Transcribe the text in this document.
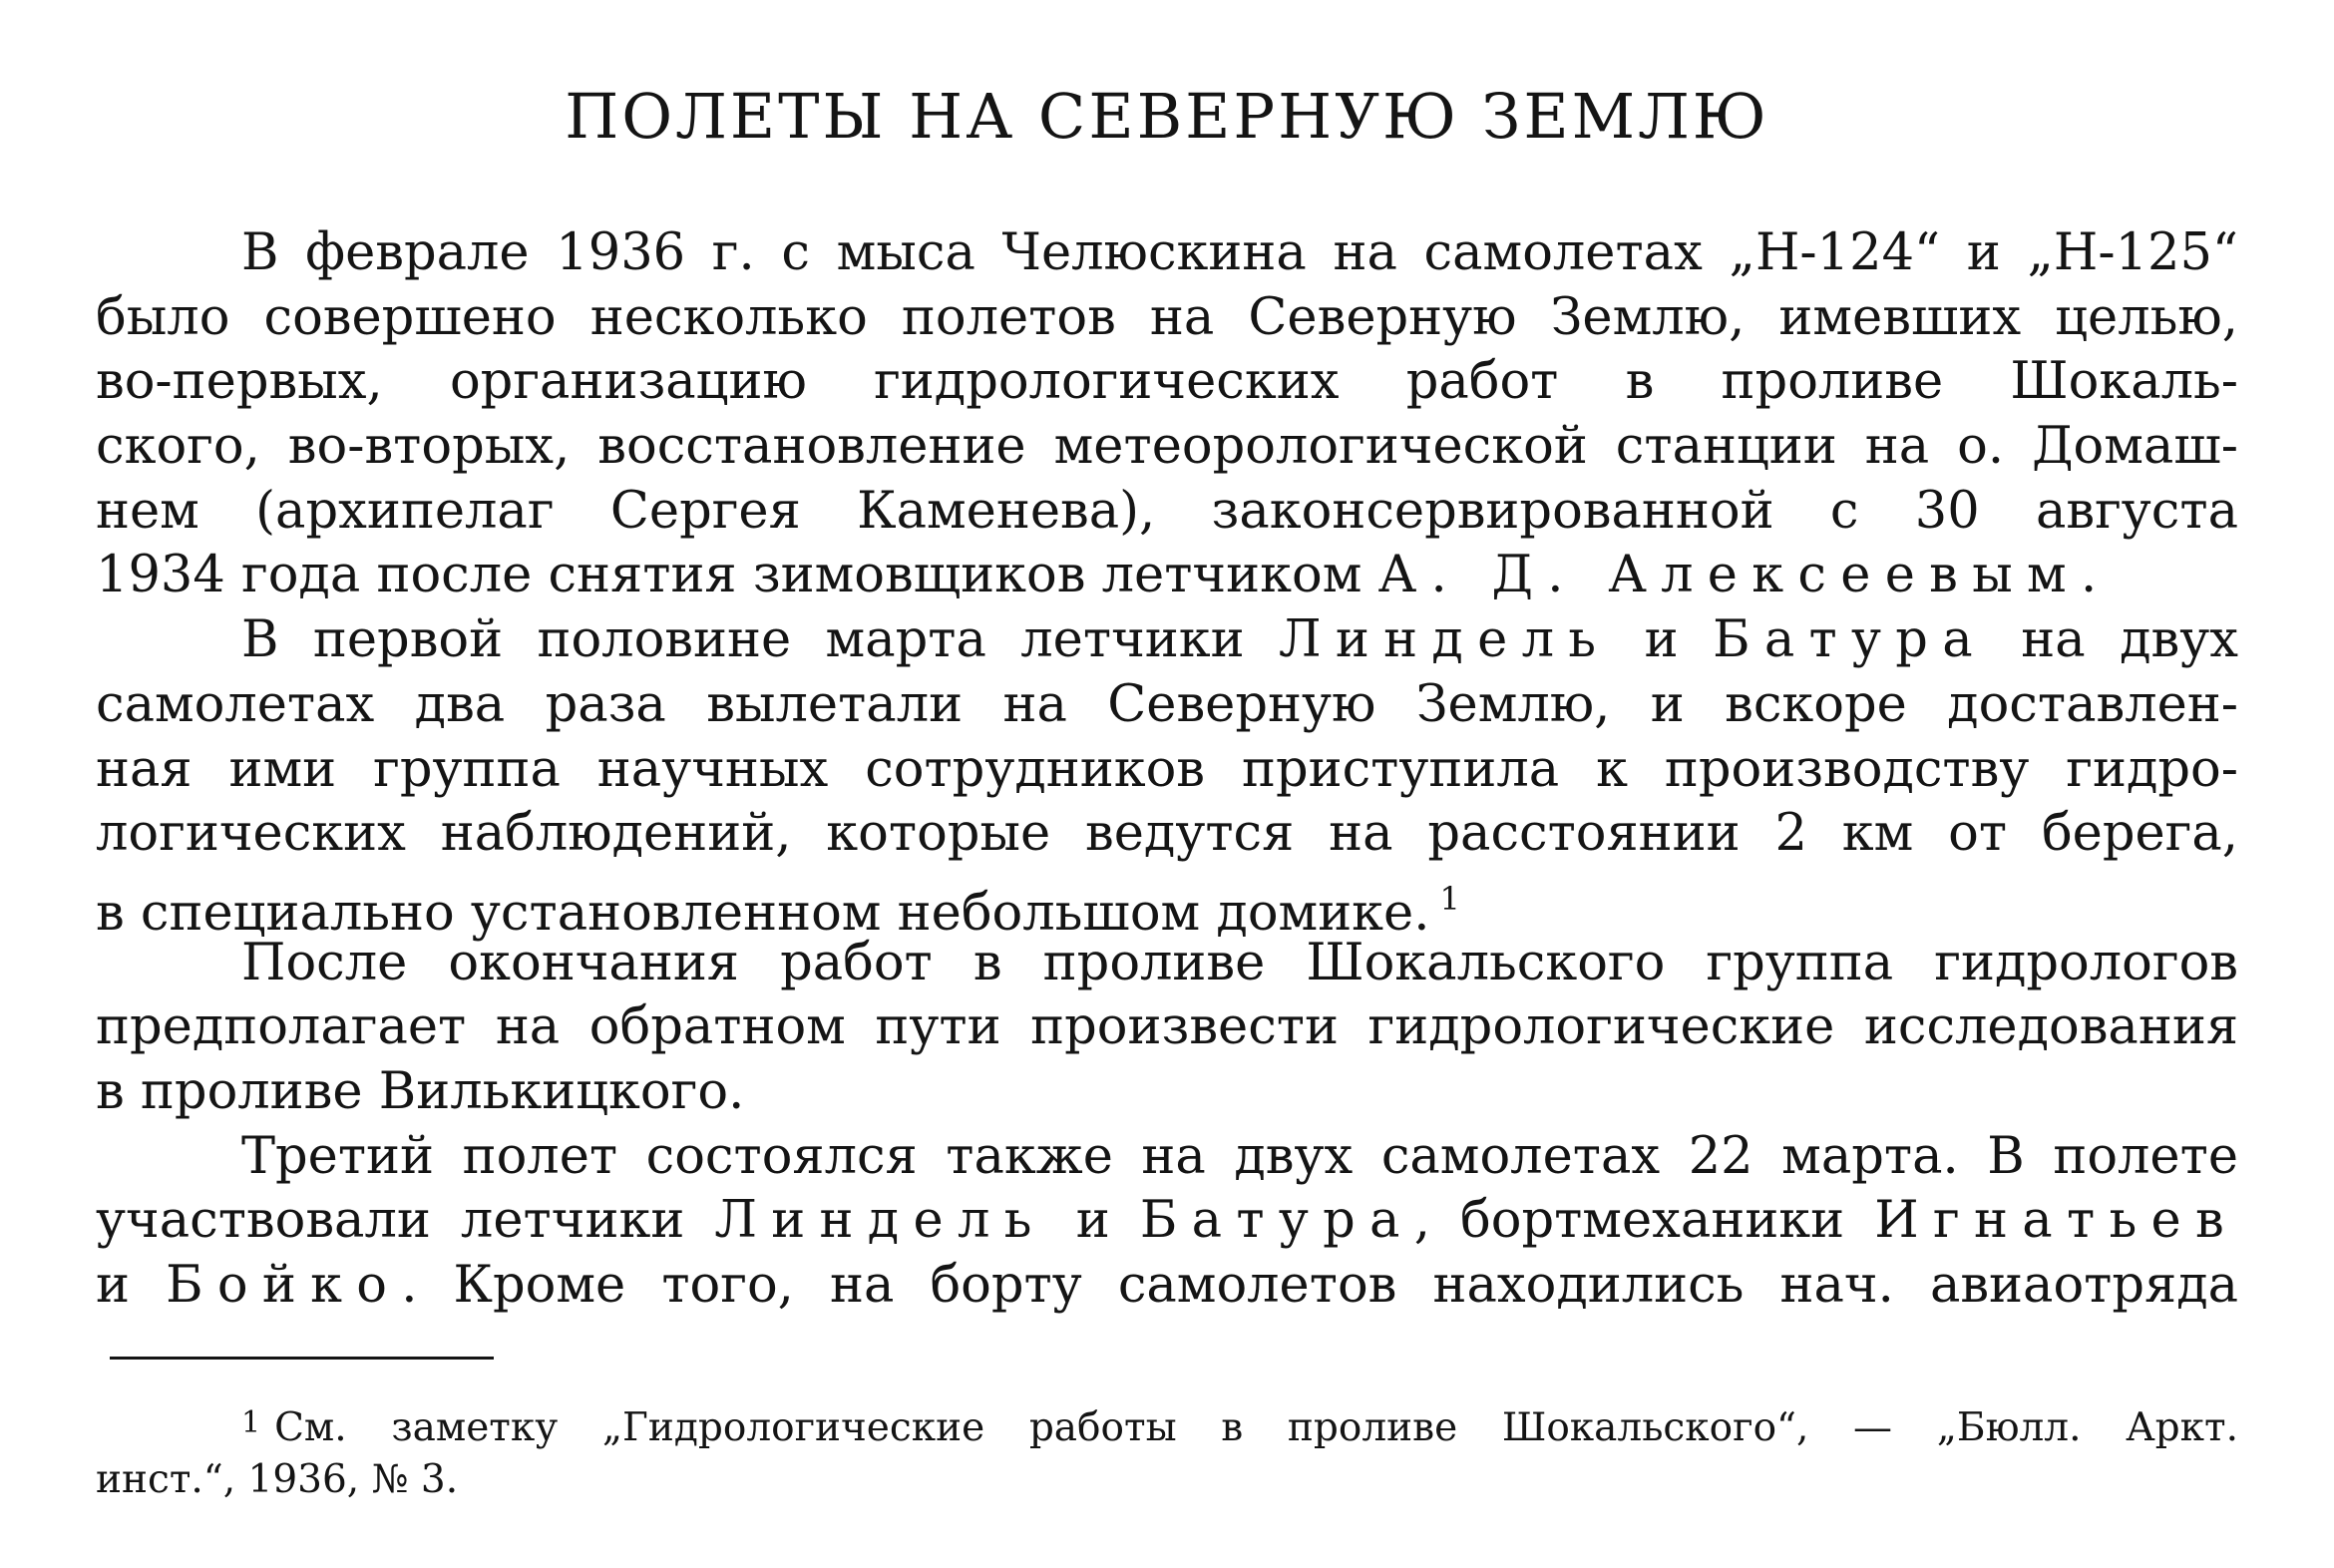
ПОЛЕТЫ НА СЕВЕРНУЮ ЗЕМЛЮ
В феврале 1936 г. с мыса Челюскина на самолетах „Н-124“ и „Н-125“
было совершено несколько полетов на Северную Землю, имевших целью,
во-первых, организацию гидрологических работ в проливе Шокаль-
ского, во-вторых, восстановление метеорологической станции на о. Домаш-
нем (архипелаг Сергея Каменева), законсервированной с 30 августа
1934 года после снятия зимовщиков летчиком А. Д. Алексеевым.
В первой половине марта летчики Линдель и Батура на двух
самолетах два раза вылетали на Северную Землю, и вскоре доставлен-
ная ими группа научных сотрудников приступила к производству гидро-
логических наблюдений, которые ведутся на расстоянии 2 км от берега,
в специально установленном небольшом домике. $^1$
После окончания работ в проливе Шокальского группа гидрологов
предполагает на обратном пути произвести гидрологические исследования
в проливе Вилькицкого.
Третий полет состоялся также на двух самолетах 22 марта. В полете
участвовали летчики Линдель и Батура, бортмеханики Игнатьев
и Бойко. Кроме того, на борту самолетов находились нач. авиаотряда
1 См. заметку „Гидрологические работы в проливе Шокальского“, — „Бюлл. Аркт.
инст.“, 1936, № 3.
